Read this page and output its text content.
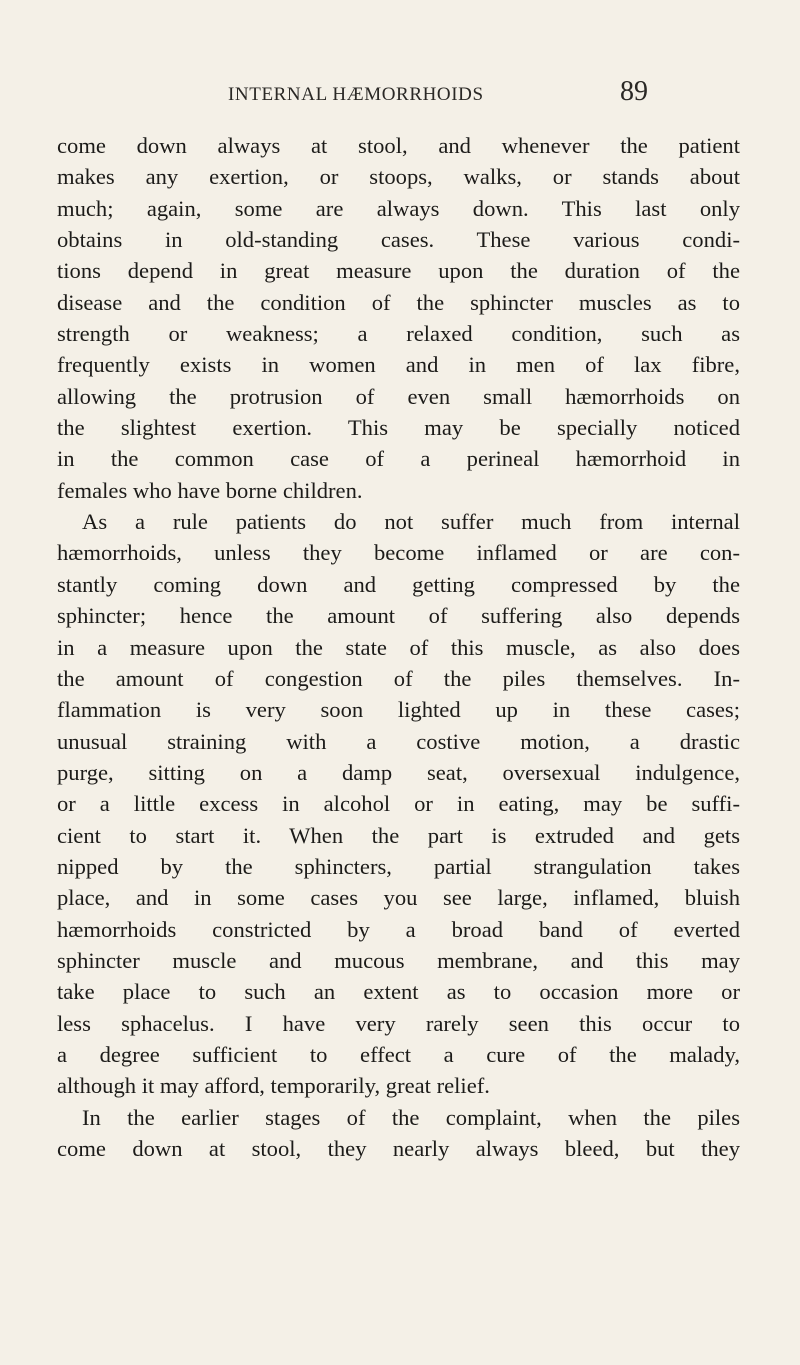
INTERNAL HÆMORRHOIDS	89
come down always at stool, and whenever the patient
makes any exertion, or stoops, walks, or stands about
much; again, some are always down. This last only
obtains in old-standing cases. These various condi-
tions depend in great measure upon the duration of the
disease and the condition of the sphincter muscles as to
strength or weakness; a relaxed condition, such as
frequently exists in women and in men of lax fibre,
allowing the protrusion of even small hæmorrhoids on
the slightest exertion. This may be specially noticed
in the common case of a perineal hæmorrhoid in
females who have borne children.
As a rule patients do not suffer much from internal
hæmorrhoids, unless they become inflamed or are con-
stantly coming down and getting compressed by the
sphincter; hence the amount of suffering also depends
in a measure upon the state of this muscle, as also does
the amount of congestion of the piles themselves. In-
flammation is very soon lighted up in these cases;
unusual straining with a costive motion, a drastic
purge, sitting on a damp seat, oversexual indulgence,
or a little excess in alcohol or in eating, may be suffi-
cient to start it. When the part is extruded and gets
nipped by the sphincters, partial strangulation takes
place, and in some cases you see large, inflamed, bluish
hæmorrhoids constricted by a broad band of everted
sphincter muscle and mucous membrane, and this may
take place to such an extent as to occasion more or
less sphacelus. I have very rarely seen this occur to
a degree sufficient to effect a cure of the malady,
although it may afford, temporarily, great relief.
In the earlier stages of the complaint, when the piles
come down at stool, they nearly always bleed, but they
